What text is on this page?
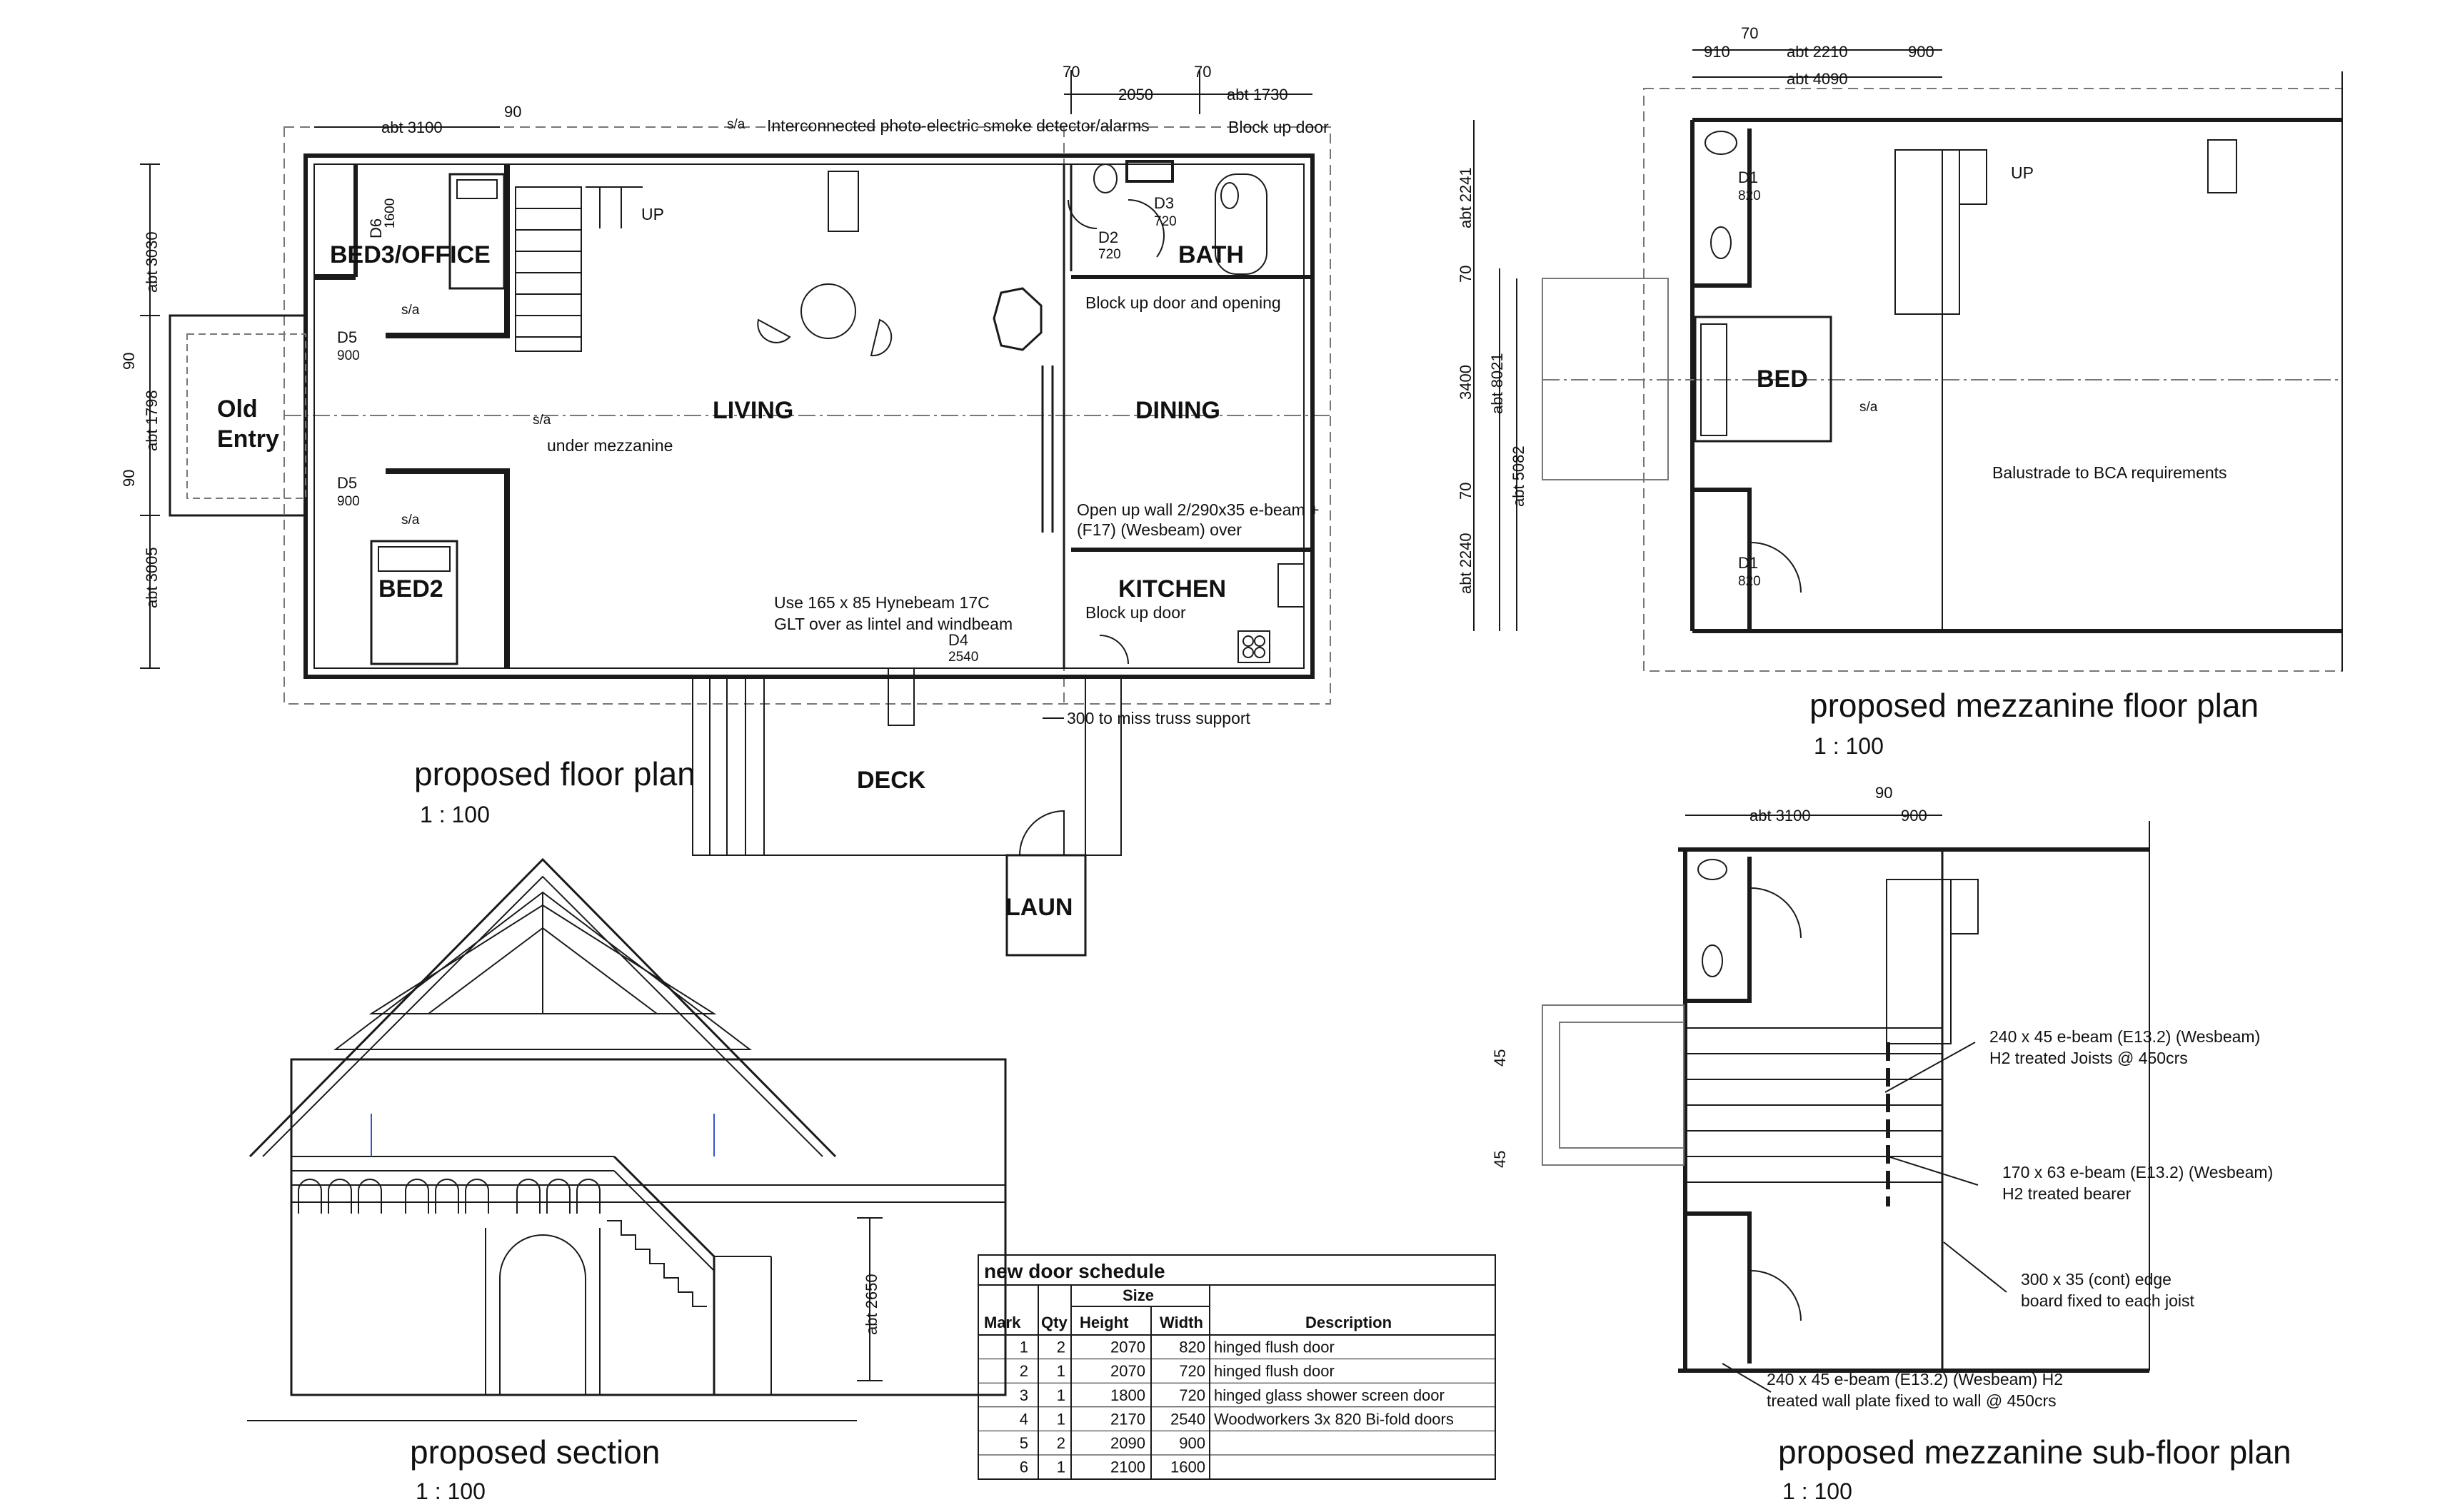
BED3/OFFICE
LIVING	DINING
BATH
KITCHEN
BED2
DECK
LAUN
Old
Entry
Interconnected photo-electric smoke detector/alarms	Block up door
Block up door and opening
under mezzanine
Open up wall 2/290x35 e-beam +
(F17) (Wesbeam) over
Block up door
Use 165 x 85 Hynebeam 17C
GLT over as lintel and windbeam
300 to miss truss support
UP
s/a
s/a
s/a
s/a
D5
900
D5
900
D3
720
D2
720
D4
2540
D6
1600
abt 3100
90
70
2050
70
abt 1730
abt 3030
90
abt 1798
90
abt 3005
proposed floor plan
1 : 100
BED
UP
s/a
Balustrade to BCA requirements
D1
820
D1
820
70
910	abt 2210	900
abt 4090
abt 2241
70
3400 abt 8021
abt 5082
70
abt 2240
proposed mezzanine floor plan
1 : 100
abt 3100
90
900
45
45
240 x 45 e-beam (E13.2) (Wesbeam)
H2 treated Joists @ 450crs
170 x 63 e-beam (E13.2) (Wesbeam)
H2 treated bearer
300 x 35 (cont) edge
board fixed to each joist
240 x 45 e-beam (E13.2) (Wesbeam) H2
treated wall plate fixed to wall @ 450crs
proposed mezzanine sub-floor plan
1 : 100
abt 2650
proposed section
1 : 100
new door schedule
Size
Mark Qty Height Width	Description
1 2	2070 820 hinged flush door
2 1	2070 720 hinged flush door
3 1	1800 720 hinged glass shower screen door
4 1	2170 2540 Woodworkers 3x 820 Bi-fold doors
5 2	2090 900
6 1	2100 1600
